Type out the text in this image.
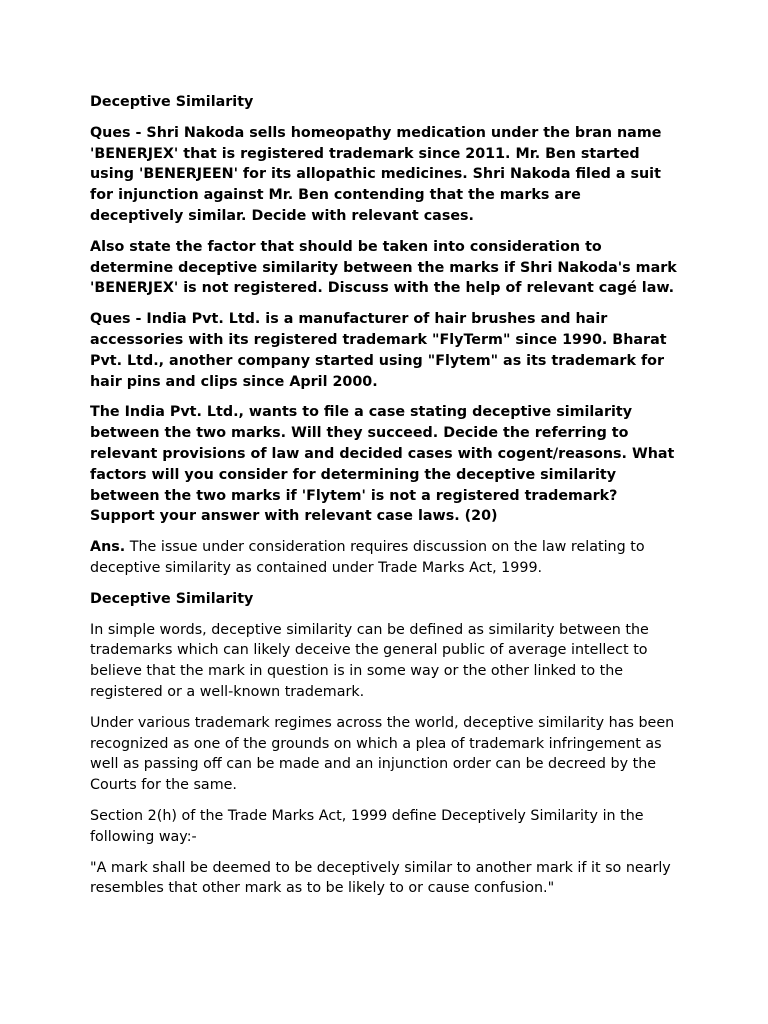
Deceptive Similarity

Ques - Shri Nakoda sells homeopathy medication under the bran name 'BENERJEX' that is registered trademark since 2011. Mr. Ben started using 'BENERJEEN' for its allopathic medicines. Shri Nakoda filed a suit for injunction against Mr. Ben contending that the marks are deceptively similar. Decide with relevant cases.

Also state the factor that should be taken into consideration to determine deceptive similarity between the marks if Shri Nakoda's mark 'BENERJEX' is not registered. Discuss with the help of relevant cagé law.

Ques - India Pvt. Ltd. is a manufacturer of hair brushes and hair accessories with its registered trademark "FlyTerm" since 1990. Bharat Pvt. Ltd., another company started using "Flytem" as its trademark for hair pins and clips since April 2000.

The India Pvt. Ltd., wants to file a case stating deceptive similarity between the two marks. Will they succeed. Decide the referring to relevant provisions of law and decided cases with cogent/reasons. What factors will you consider for determining the deceptive similarity between the two marks if 'Flytem' is not a registered trademark? Support your answer with relevant case laws. (20)

Ans. The issue under consideration requires discussion on the law relating to deceptive similarity as contained under Trade Marks Act, 1999.

Deceptive Similarity

In simple words, deceptive similarity can be defined as similarity between the trademarks which can likely deceive the general public of average intellect to believe that the mark in question is in some way or the other linked to the registered or a well-known trademark.

Under various trademark regimes across the world, deceptive similarity has been recognized as one of the grounds on which a plea of trademark infringement as well as passing off can be made and an injunction order can be decreed by the Courts for the same.

Section 2(h) of the Trade Marks Act, 1999 define Deceptively Similarity in the following way:-

"A mark shall be deemed to be deceptively similar to another mark if it so nearly resembles that other mark as to be likely to or cause confusion."
